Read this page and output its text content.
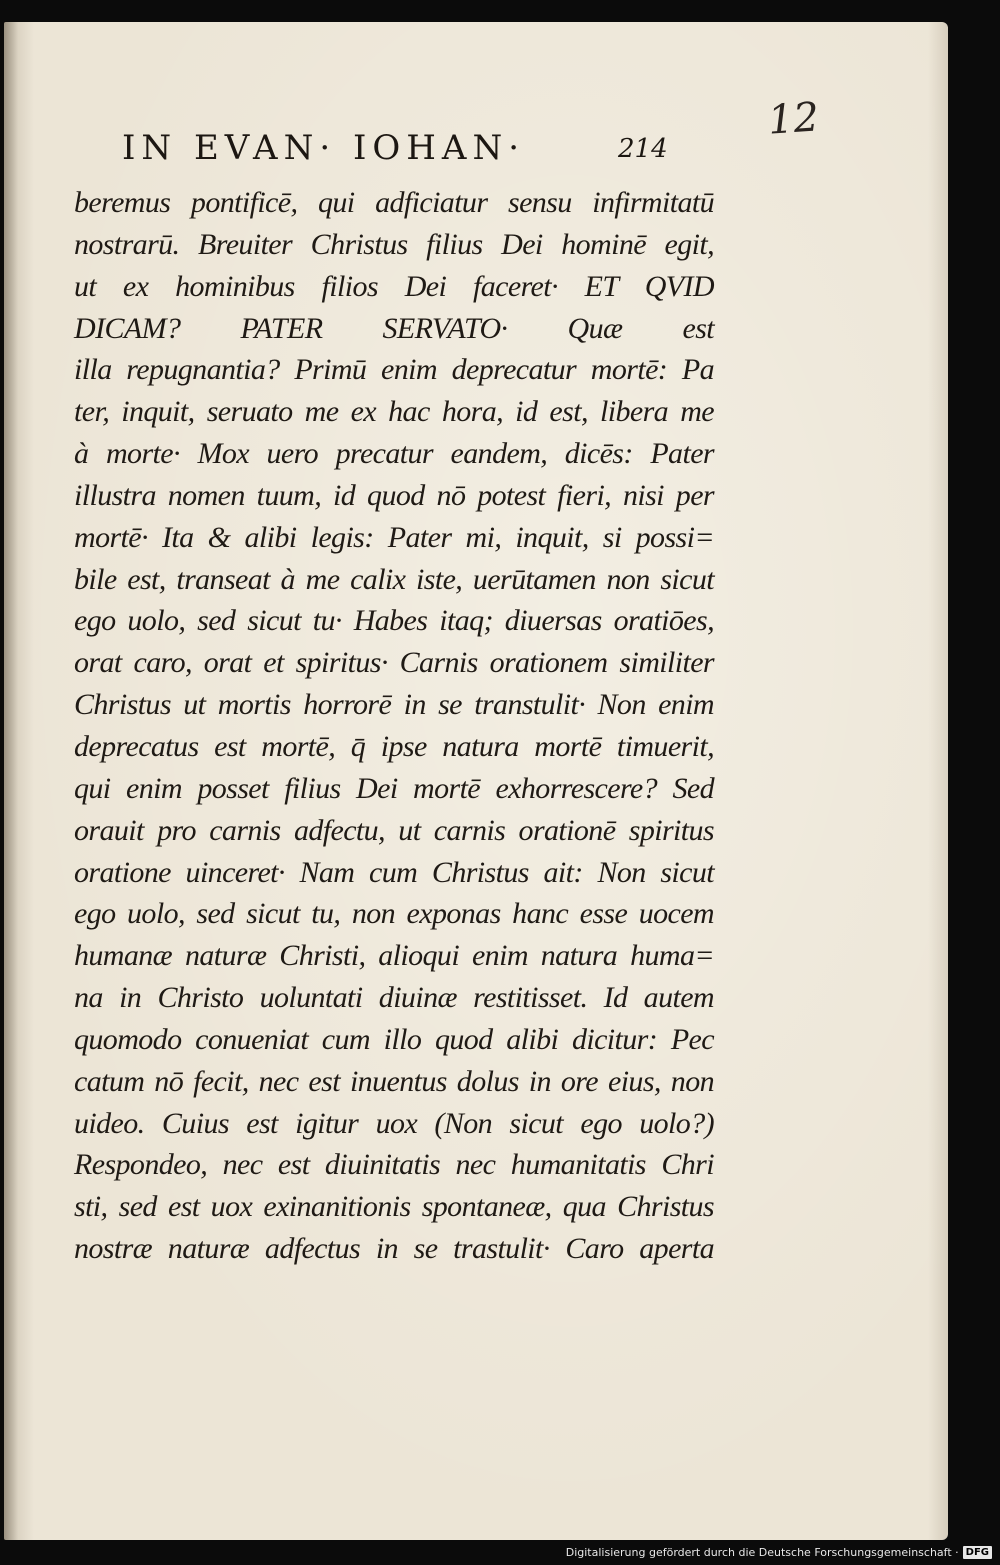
IN EVAN· IOHAN·	214
12
beremus pontificē, qui adficiatur sensu infirmitatū
nostrarū. Breuiter Christus filius Dei hominē egit,
ut ex hominibus filios Dei faceret· ET QVID
DICAM? PATER SERVATO· Quæ est
illa repugnantia? Primū enim deprecatur mortē: Pa
ter, inquit, seruato me ex hac hora, id est, libera me
à morte· Mox uero precatur eandem, dicēs: Pater
illustra nomen tuum, id quod nō potest fieri, nisi per
mortē· Ita & alibi legis: Pater mi, inquit, si possi=
bile est, transeat à me calix iste, uerūtamen non sicut
ego uolo, sed sicut tu· Habes itaq; diuersas oratiōes,
orat caro, orat et spiritus· Carnis orationem similiter
Christus ut mortis horrorē in se transtulit· Non enim
deprecatus est mortē, q̄ ipse natura mortē timuerit,
qui enim posset filius Dei mortē exhorrescere? Sed
orauit pro carnis adfectu, ut carnis orationē spiritus
oratione uinceret· Nam cum Christus ait: Non sicut
ego uolo, sed sicut tu, non exponas hanc esse uocem
humanæ naturæ Christi, alioqui enim natura huma=
na in Christo uoluntati diuinæ restitisset. Id autem
quomodo conueniat cum illo quod alibi dicitur: Pec
catum nō fecit, nec est inuentus dolus in ore eius, non
uideo. Cuius est igitur uox (Non sicut ego uolo?)
Respondeo, nec est diuinitatis nec humanitatis Chri
sti, sed est uox exinanitionis spontaneæ, qua Christus
nostræ naturæ adfectus in se trastulit· Caro aperta
Digitalisierung gefördert durch die Deutsche Forschungsgemeinschaft · DFG
